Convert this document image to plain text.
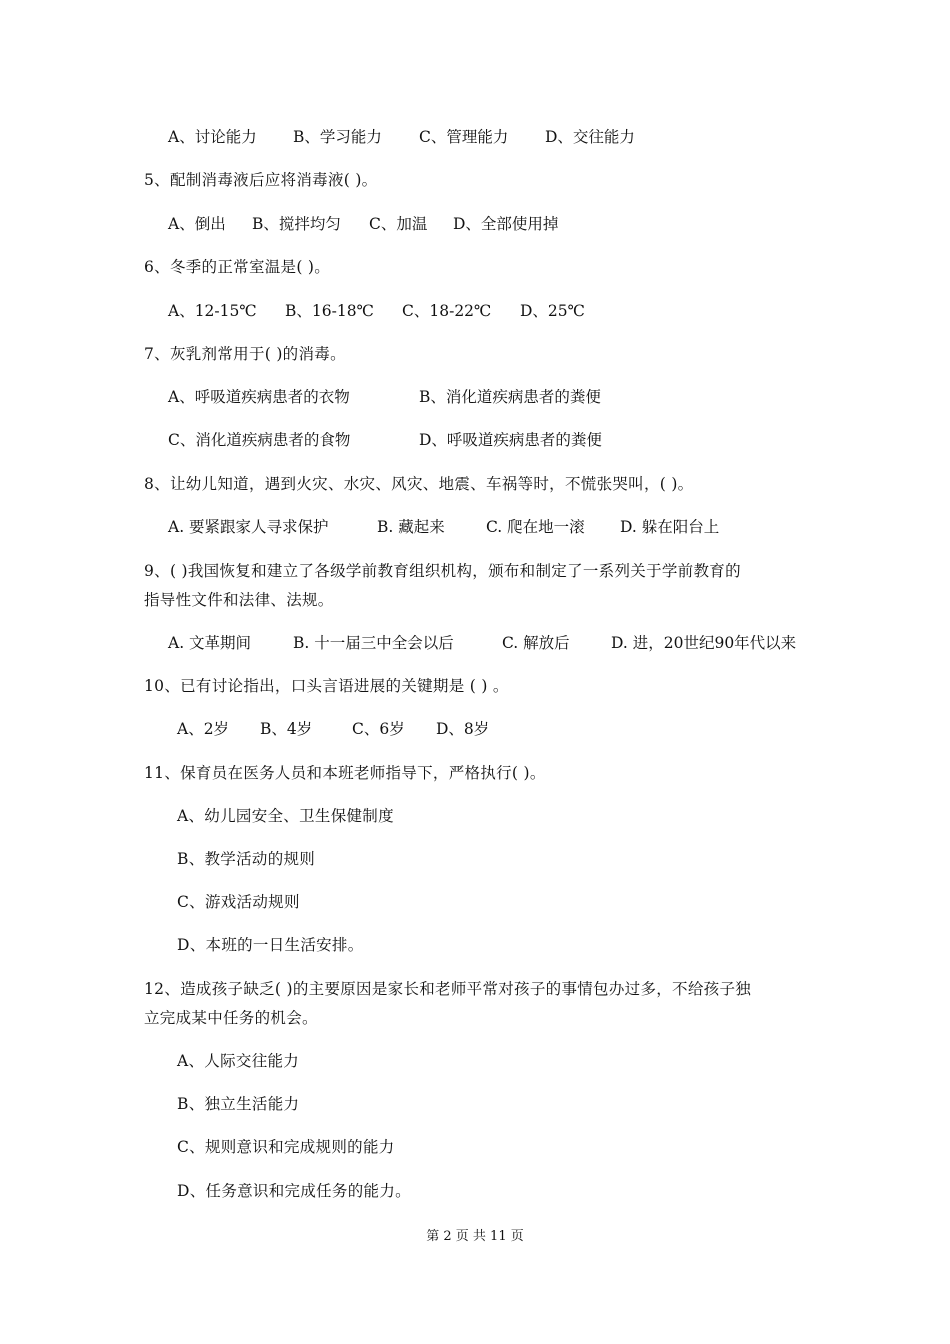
A、讨论能力 B、学习能力 C、管理能力 D、交往能力
5、配制消毒液后应将消毒液( )。
A、倒出 B、搅拌均匀 C、加温 D、全部使用掉
6、冬季的正常室温是( )。
A、12-15℃ B、16-18℃ C、18-22℃ D、25℃
7、灰乳剂常用于( )的消毒。
A、呼吸道疾病患者的衣物	B、消化道疾病患者的粪便
C、消化道疾病患者的食物	D、呼吸道疾病患者的粪便
8、让幼儿知道，遇到火灾、水灾、风灾、地震、车祸等时，不慌张哭叫，( )。
A. 要紧跟家人寻求保护	B. 藏起来	C. 爬在地一滚 D. 躲在阳台上
9、( )我国恢复和建立了各级学前教育组织机构，颁布和制定了一系列关于学前教育的
指导性文件和法律、法规。
A. 文革期间	B. 十一届三中全会以后	C. 解放后	D. 进，20世纪90年代以来
10、已有讨论指出，口头言语进展的关键期是 ( ) 。
A、2岁 B、4岁	C、6岁 D、8岁
11、保育员在医务人员和本班老师指导下，严格执行( )。
A、幼儿园安全、卫生保健制度
B、教学活动的规则
C、游戏活动规则
D、本班的一日生活安排。
12、造成孩子缺乏( )的主要原因是家长和老师平常对孩子的事情包办过多，不给孩子独
立完成某中任务的机会。
A、人际交往能力
B、独立生活能力
C、规则意识和完成规则的能力
D、任务意识和完成任务的能力。
第 2 页 共 11 页
